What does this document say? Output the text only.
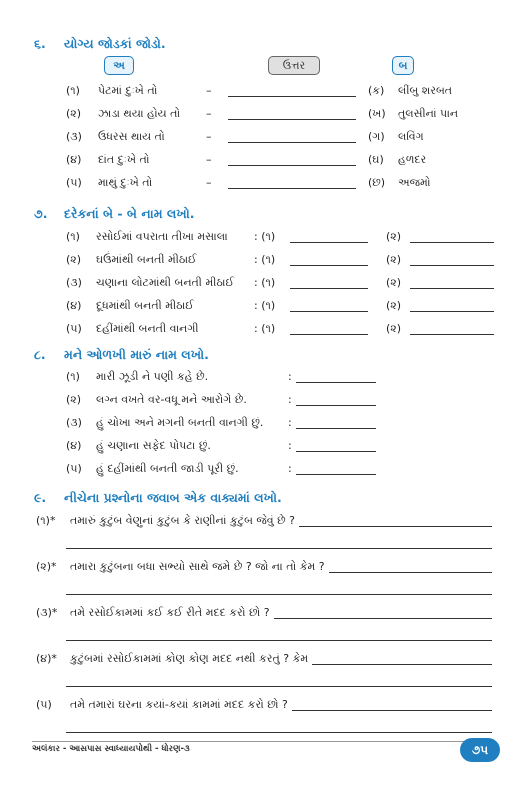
૬. યોગ્ય જોડકાં જોડો.
અ	ઉત્તર	બ
(૧) પેટમાં દુઃખે તો	–	(ક) લીંબુ શરબત
(૨) ઝાડા થયા હોય તો –	(ખ) તુલસીનાં પાન
(૩) ઉધરસ થાય તો	–	(ગ) લવિંગ
(૪) દાંત દુઃખે તો	–	(ઘ) હળદર
(૫) માથું દુઃખે તો	–	(છ) અજમો
૭. દરેકનાં બે - બે નામ લખો.
(૧) રસોઈમાં વપરાતા તીખા મસાલા : (૧)	(૨)
(૨) ઘઉંમાંથી બનતી મીઠાઈ	: (૧)	(૨)
(૩) ચણાના લોટમાંથી બનતી મીઠાઈ : (૧)	(૨)
(૪) દૂધમાંથી બનતી મીઠાઈ	: (૧)	(૨)
(૫) દહીંમાંથી બનતી વાનગી	: (૧)	(૨)
૮. મને ઓળખી મારું નામ લખો.
(૧) મારી ઝૂડી ને પણી કહે છે.	:
(૨) લગ્ન વખતે વર-વધૂ મને આરોગે છે.	:
(૩) હું ચોખા અને મગની બનતી વાનગી છું. :
(૪) હું ચણાના સફેદ પોપટા છું.	:
(૫) હું દહીંમાંથી બનતી જાડી પૂરી છું.	:
૯. નીચેના પ્રશ્નોના જવાબ એક વાક્યમાં લખો.
(૧)* તમારું કુટુંબ વેણુનાં કુટુંબ કે રાણીનાં કુટુંબ જેવું છે ?
(૨)* તમારા કુટુંબના બધા સભ્યો સાથે જમે છે ? જો ના તો કેમ ?
(૩)* તમે રસોઈકામમાં કઈ કઈ રીતે મદદ કરો છો ?
(૪)* કુટુંબમાં રસોઈકામમાં કોણ કોણ મદદ નથી કરતું ? કેમ
(૫) તમે તમારાં ઘરના કયાં-કયાં કામમાં મદદ કરો છો ?
અલંકાર - આસપાસ સ્વાધ્યાયપોથી - ધોરણ-૩	૭૫
